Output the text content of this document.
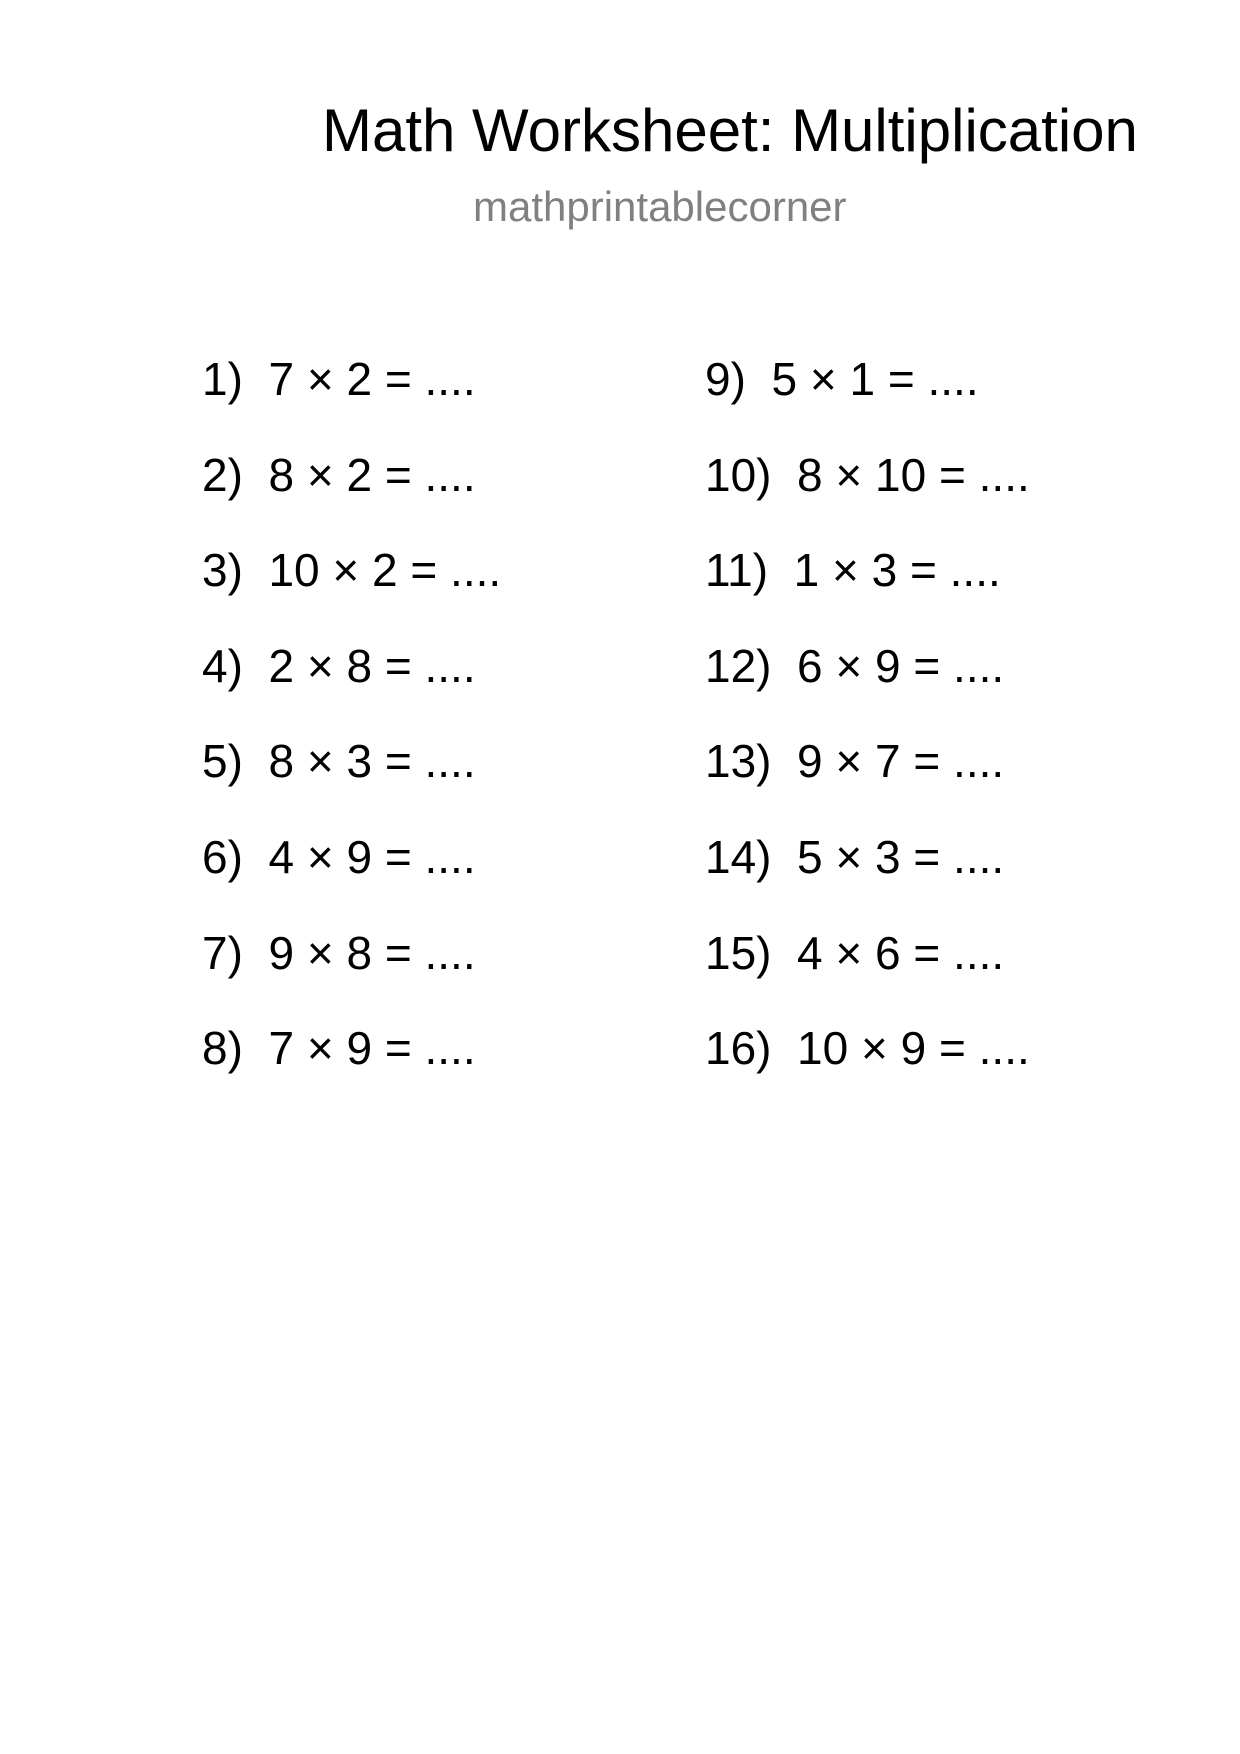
Math Worksheet: Multiplication
mathprintablecorner
1)  7 × 2 = ....
2)  8 × 2 = ....
3)  10 × 2 = ....
4)  2 × 8 = ....
5)  8 × 3 = ....
6)  4 × 9 = ....
7)  9 × 8 = ....
8)  7 × 9 = ....
9)  5 × 1 = ....
10)  8 × 10 = ....
11)  1 × 3 = ....
12)  6 × 9 = ....
13)  9 × 7 = ....
14)  5 × 3 = ....
15)  4 × 6 = ....
16)  10 × 9 = ....
